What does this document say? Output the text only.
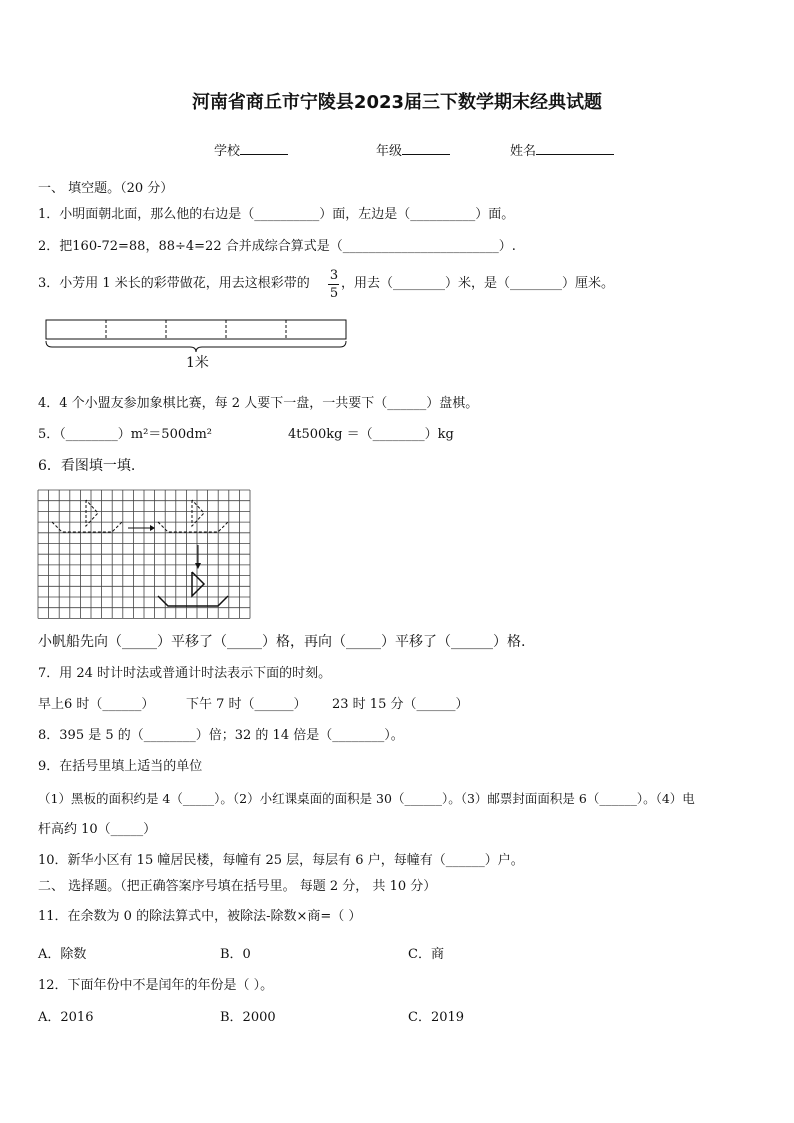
河南省商丘市宁陵县2023届三下数学期末经典试题
学校	年级	姓名
一、 填空题。（20 分）
1．小明面朝北面，那么他的右边是（__________）面，左边是（__________）面。
2．把160-72=88，88÷4=22 合并成综合算式是（________________________）.
3．小芳用 1 米长的彩带做花，用去这根彩带的
3
5
，用去（________）米，是（________）厘米。
1米
4．4 个小盟友参加象棋比赛，每 2 人要下一盘，一共要下（______）盘棋。
5．（________）m²＝500dm²	4t500kg ＝（________）kg
6．看图填一填.
小帆船先向（_____）平移了（_____）格，再向（_____）平移了（______）格.
7．用 24 时计时法或普通计时法表示下面的时刻。
早上6 时（______） 下午 7 时（______） 23 时 15 分（______）
8．395 是 5 的（________）倍；32 的 14 倍是（________）。
9．在括号里填上适当的单位
（1）黑板的面积约是 4（_____）。（2）小红课桌面的面积是 30（______）。（3）邮票封面面积是 6（______）。（4）电
杆高约 10（_____）
10．新华小区有 15 幢居民楼，每幢有 25 层，每层有 6 户，每幢有（______）户。
二、 选择题。（把正确答案序号填在括号里。 每题 2 分， 共 10 分）
11．在余数为 0 的除法算式中，被除法-除数×商=（ ）
A．除数	B．0	C．商
12．下面年份中不是闰年的年份是（ ）。
A．2016	B．2000	C．2019
